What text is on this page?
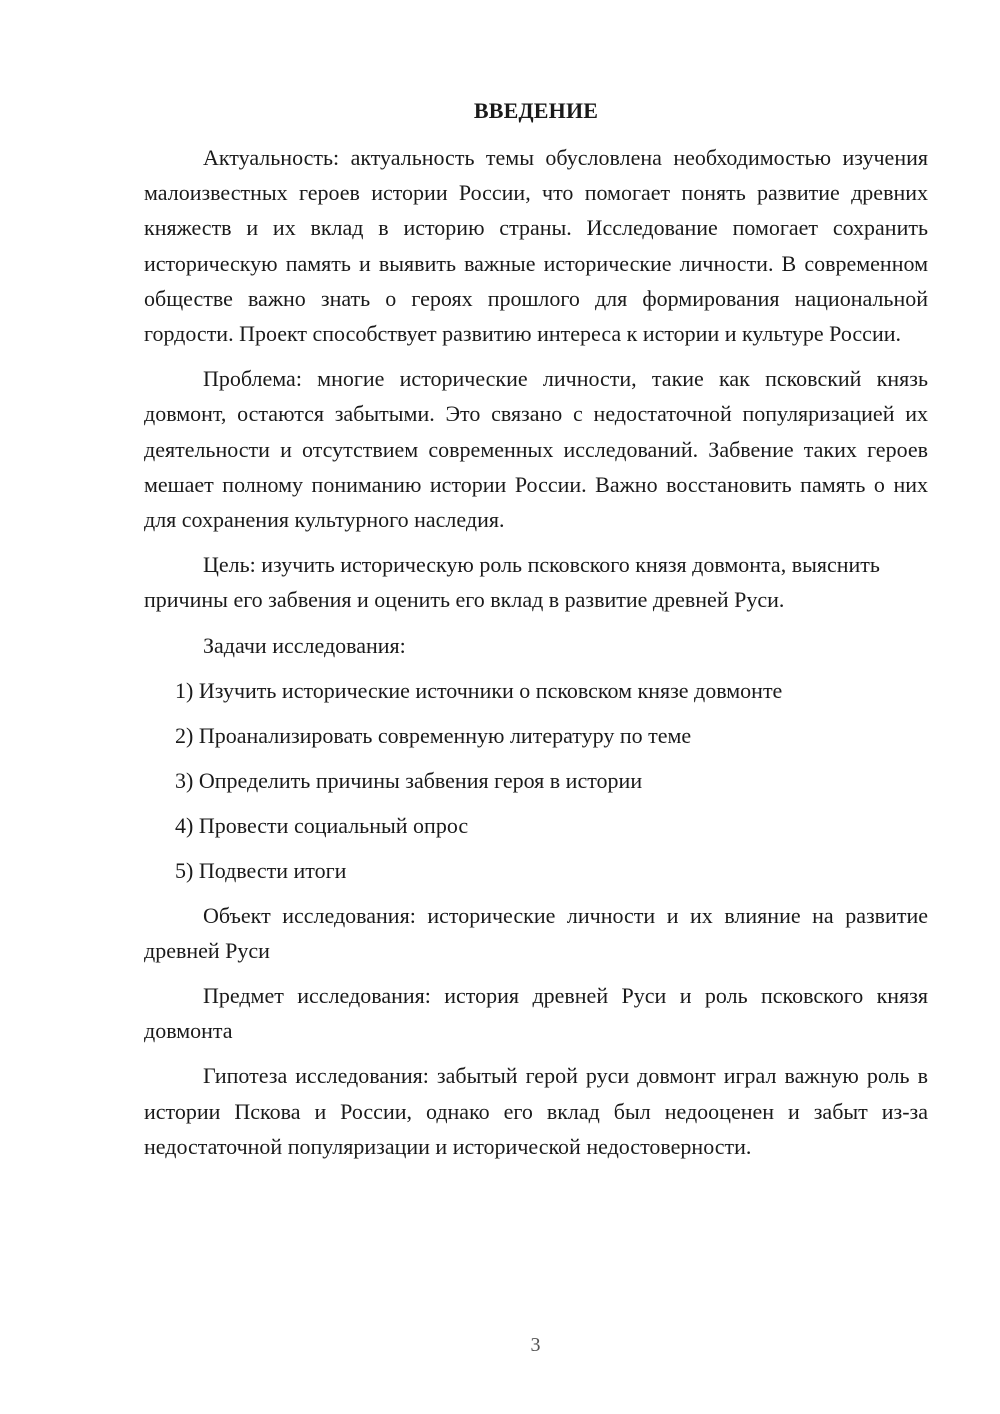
ВВЕДЕНИЕ

Актуальность: актуальность темы обусловлена необходимостью изучения малоизвестных героев истории России, что помогает понять развитие древних княжеств и их вклад в историю страны. Исследование помогает сохранить историческую память и выявить важные исторические личности. В современном обществе важно знать о героях прошлого для формирования национальной гордости. Проект способствует развитию интереса к истории и культуре России.

Проблема: многие исторические личности, такие как псковский князь довмонт, остаются забытыми. Это связано с недостаточной популяризацией их деятельности и отсутствием современных исследований. Забвение таких героев мешает полному пониманию истории России. Важно восстановить память о них для сохранения культурного наследия.

Цель: изучить историческую роль псковского князя довмонта, выяснить причины его забвения и оценить его вклад в развитие древней Руси.

Задачи исследования:
1) Изучить исторические источники о псковском князе довмонте
2) Проанализировать современную литературу по теме
3) Определить причины забвения героя в истории
4) Провести социальный опрос
5) Подвести итоги

Объект исследования: исторические личности и их влияние на развитие древней Руси

Предмет исследования: история древней Руси и роль псковского князя довмонта

Гипотеза исследования: забытый герой руси довмонт играл важную роль в истории Пскова и России, однако его вклад был недооценен и забыт из-за недостаточной популяризации и исторической недостоверности.

3
